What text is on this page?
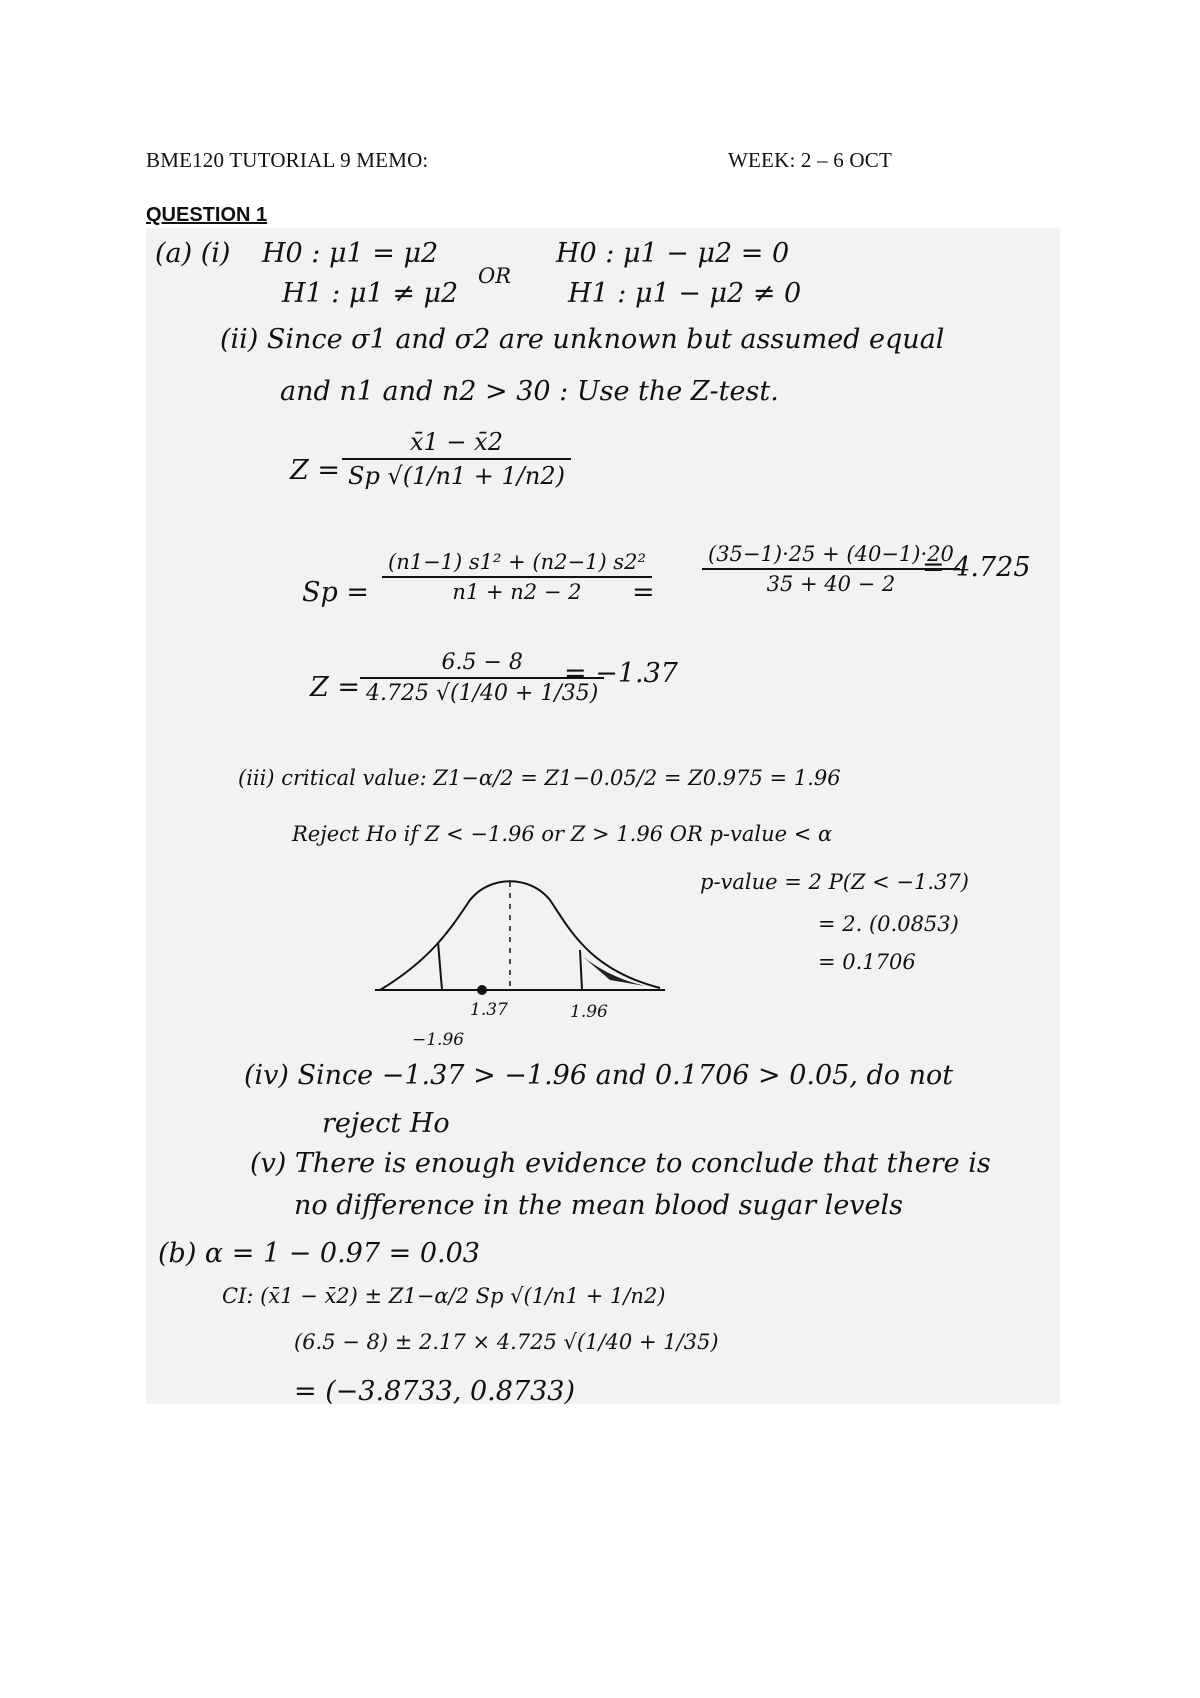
BME120 TUTORIAL 9 MEMO:	WEEK: 2 – 6 OCT
QUESTION 1
(a) (i) H0 : μ1 = μ2
H1 : μ1 ≠ μ2
OR
H0 : μ1 − μ2 = 0
H1 : μ1 − μ2 ≠ 0
(ii) Since σ1 and σ2 are unknown but assumed equal
and n1 and n2 > 30 : Use the Z-test.
$Z = \frac{x̄1 - x̄2}{Sp √(1/n1 + 1/n2)}$
$Sp = \frac{\text{(n1−1) s1² + (n2−1) s2²}}{n1 + n2 - 2}$
= $\frac{(35-1)\cdot 25 + (40-1)\cdot 20}{35 + 40 - 2}$
= 4.725
$Z = \frac{6.5 - 8}{4.725 √(1/40 + 1/35)}$
= −1.37
(iii) critical value: Z1−α/2 = Z1−0.05/2 = Z0.975 = 1.96
Reject Ho if Z < −1.96 or Z > 1.96 OR p-value < α
1.37	1.96
−1.96
p-value = 2 P(Z < −1.37)
= 2. (0.0853)
= 0.1706
(iv) Since −1.37 > −1.96 and 0.1706 > 0.05, do not
reject Ho
(v) There is enough evidence to conclude that there is
no difference in the mean blood sugar levels
(b) α = 1 − 0.97 = 0.03
CI: (x̄1 − x̄2) ± Z1−α/2 Sp √(1/n1 + 1/n2)
(6.5 − 8) ± 2.17 × 4.725 √(1/40 + 1/35)
= (−3.8733, 0.8733)
